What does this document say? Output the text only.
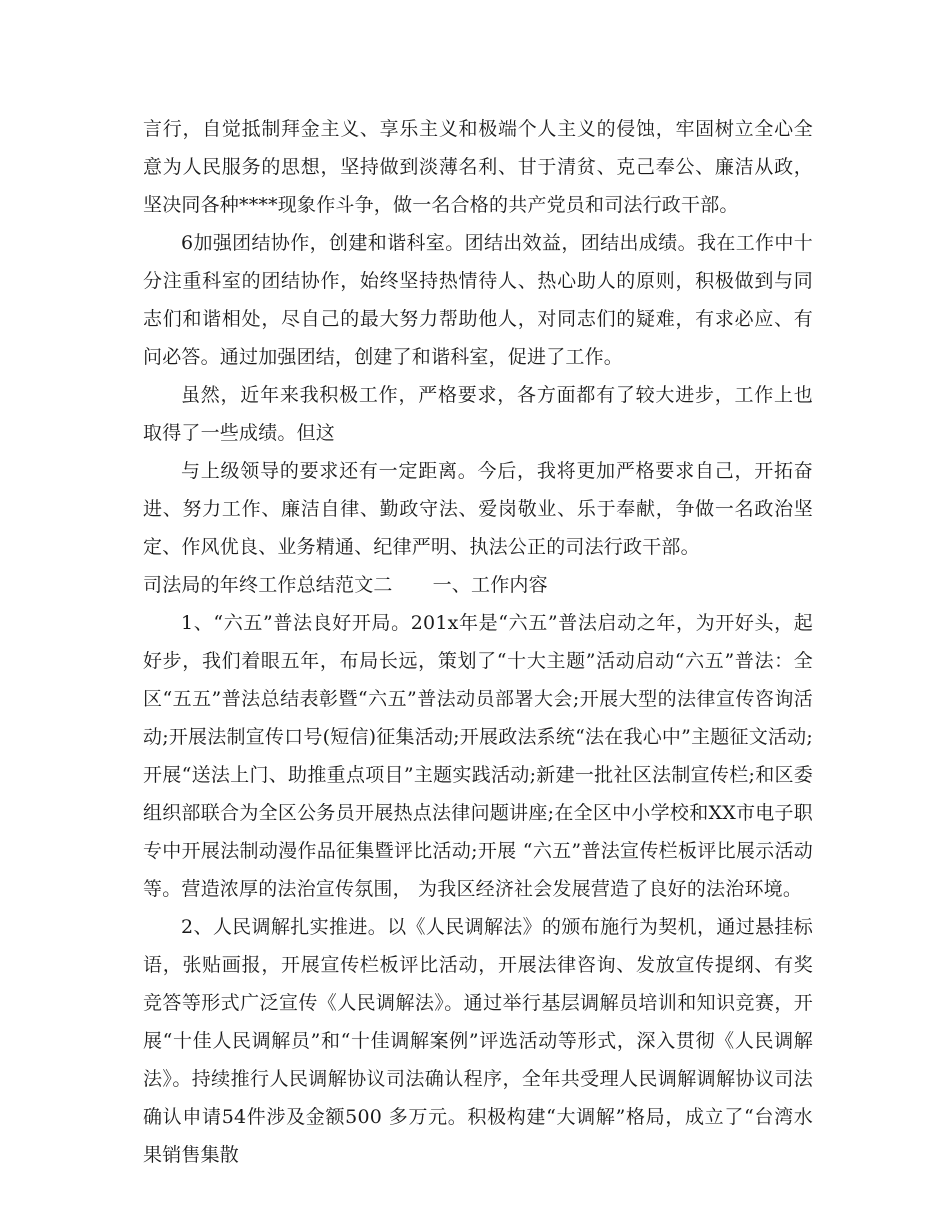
言行，自觉抵制拜金主义、享乐主义和极端个人主义的侵蚀，牢固树立全心全意为人民服务的思想，坚持做到淡薄名利、甘于清贫、克己奉公、廉洁从政，坚决同各种****现象作斗争，做一名合格的共产党员和司法行政干部。

6加强团结协作，创建和谐科室。团结出效益，团结出成绩。我在工作中十分注重科室的团结协作，始终坚持热情待人、热心助人的原则，积极做到与同志们和谐相处，尽自己的最大努力帮助他人，对同志们的疑难，有求必应、有问必答。通过加强团结，创建了和谐科室，促进了工作。

虽然，近年来我积极工作，严格要求，各方面都有了较大进步，工作上也取得了一些成绩。但这

与上级领导的要求还有一定距离。今后，我将更加严格要求自己，开拓奋进、努力工作、廉洁自律、勤政守法、爱岗敬业、乐于奉献，争做一名政治坚定、作风优良、业务精通、纪律严明、执法公正的司法行政干部。

司法局的年终工作总结范文二 一、工作内容

1、“六五”普法良好开局。201x年是“六五”普法启动之年，为开好头，起好步，我们着眼五年，布局长远，策划了“十大主题”活动启动“六五”普法：全区“五五”普法总结表彰暨“六五”普法动员部署大会;开展大型的法律宣传咨询活动;开展法制宣传口号(短信)征集活动;开展政法系统“法在我心中”主题征文活动;开展“送法上门、助推重点项目”主题实践活动;新建一批社区法制宣传栏;和区委组织部联合为全区公务员开展热点法律问题讲座;在全区中小学校和XX市电子职专中开展法制动漫作品征集暨评比活动;开展 “六五”普法宣传栏板评比展示活动等。营造浓厚的法治宣传氛围， 为我区经济社会发展营造了良好的法治环境。

2、人民调解扎实推进。以《人民调解法》的颁布施行为契机，通过悬挂标语，张贴画报，开展宣传栏板评比活动，开展法律咨询、发放宣传提纲、有奖竞答等形式广泛宣传《人民调解法》。通过举行基层调解员培训和知识竞赛，开展“十佳人民调解员”和“十佳调解案例”评选活动等形式，深入贯彻《人民调解法》。持续推行人民调解协议司法确认程序，全年共受理人民调解调解协议司法确认申请54件涉及金额500 多万元。积极构建“大调解”格局，成立了“台湾水果销售集散
